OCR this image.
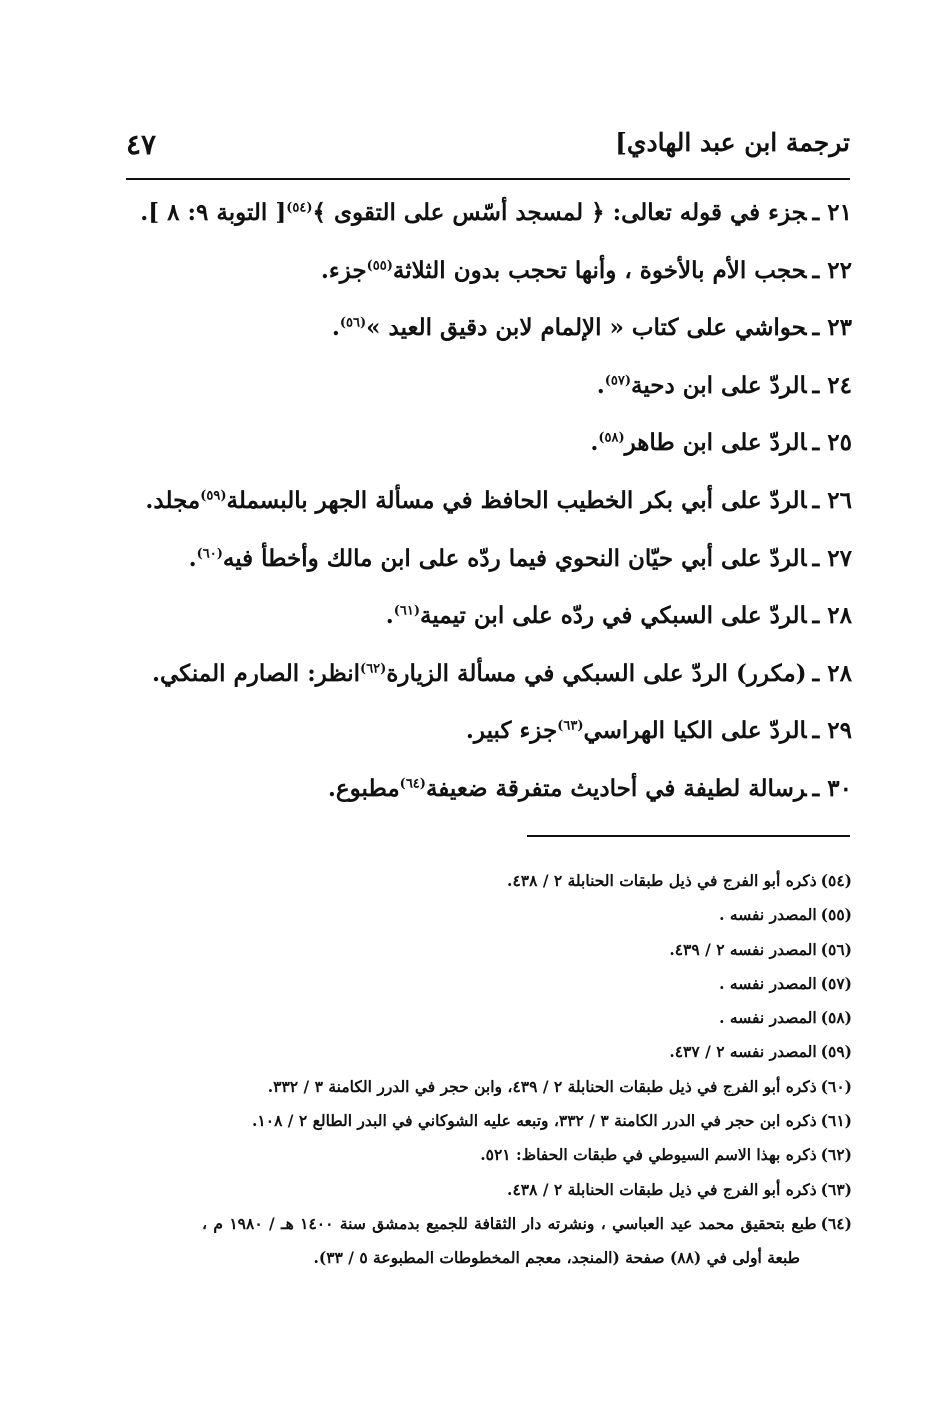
ترجمة ابن عبد الهادي]
٤٧
٢١ ـجزء في قوله تعالى: ﴿ لمسجد أسّس على التقوى ﴾$^{(٥٤)}$[ التوبة ٩: ٨ ].
٢٢ ـحجب الأم بالأخوة ، وأنها تحجب بدون الثلاثة$^{(٥٥)}$جزء.
٢٣ ـحواشي على كتاب « الإلمام لابن دقيق العيد »$^{(٥٦)}$.
٢٤ ـالردّ على ابن دحية$^{(٥٧)}$.
٢٥ ـالردّ على ابن طاهر$^{(٥٨)}$.
٢٦ ـالردّ على أبي بكر الخطيب الحافظ في مسألة الجهر بالبسملة$^{(٥٩)}$مجلد.
٢٧ ـالردّ على أبي حيّان النحوي فيما ردّه على ابن مالك وأخطأ فيه$^{(٦٠)}$.
٢٨ ـالردّ على السبكي في ردّه على ابن تيمية$^{(٦١)}$.
٢٨ ـ(مكرر) الردّ على السبكي في مسألة الزيارة$^{(٦٢)}$انظر: الصارم المنكي.
٢٩ ـالردّ على الكيا الهراسي$^{(٦٣)}$جزء كبير.
٣٠ ـرسالة لطيفة في أحاديث متفرقة ضعيفة$^{(٦٤)}$مطبوع.
(٥٤)ذكره أبو الفرج في ذيل طبقات الحنابلة ٢ / ٤٣٨.
(٥٥)المصدر نفسه .
(٥٦)المصدر نفسه ٢ / ٤٣٩.
(٥٧)المصدر نفسه .
(٥٨)المصدر نفسه .
(٥٩)المصدر نفسه ٢ / ٤٣٧.
(٦٠)ذكره أبو الفرج في ذيل طبقات الحنابلة ٢ / ٤٣٩، وابن حجر في الدرر الكامنة ٣ / ٣٣٢.
(٦١)ذكره ابن حجر في الدرر الكامنة ٣ / ٣٣٢، وتبعه عليه الشوكاني في البدر الطالع ٢ / ١٠٨.
(٦٢)ذكره بهذا الاسم السيوطي في طبقات الحفاظ: ٥٢١.
(٦٣)ذكره أبو الفرج في ذيل طبقات الحنابلة ٢ / ٤٣٨.
(٦٤)طبع بتحقيق محمد عيد العباسي ، ونشرته دار الثقافة للجميع بدمشق سنة ١٤٠٠ هـ / ١٩٨٠ م ، طبعة أولى في (٨٨) صفحة (المنجد، معجم المخطوطات المطبوعة ٥ / ٣٣).
